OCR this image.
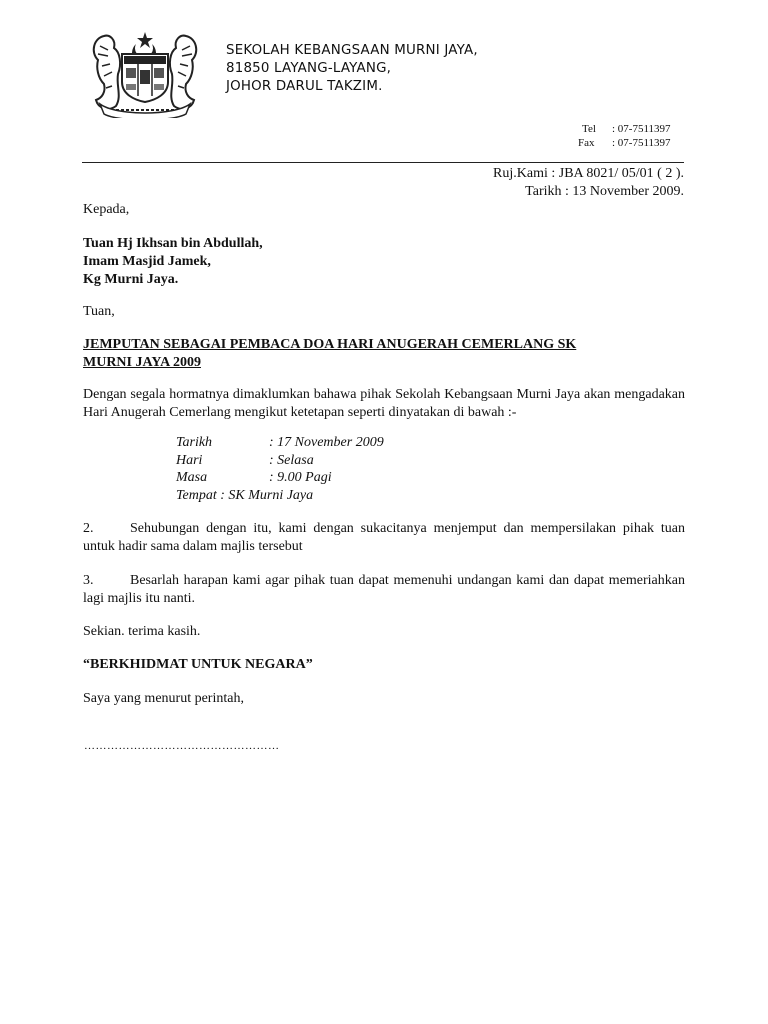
SEKOLAH KEBANGSAAN MURNI JAYA,
81850 LAYANG-LAYANG,
JOHOR DARUL TAKZIM.
Tel : 07-7511397
Fax : 07-7511397
Ruj.Kami : JBA 8021/ 05/01 ( 2 ).
Tarikh : 13 November 2009.
Kepada,
Tuan Hj Ikhsan bin Abdullah,
Imam Masjid Jamek,
Kg Murni Jaya.
Tuan,
JEMPUTAN SEBAGAI PEMBACA DOA HARI ANUGERAH CEMERLANG SK
MURNI JAYA 2009
Dengan segala hormatnya dimaklumkan bahawa pihak Sekolah Kebangsaan Murni Jaya akan mengadakan Hari Anugerah Cemerlang mengikut ketetapan seperti dinyatakan di bawah :-
Tarikh	: 17 November 2009
Hari	: Selasa
Masa	: 9.00 Pagi
Tempat : SK Murni Jaya
2.	Sehubungan dengan itu, kami dengan sukacitanya menjemput dan mempersilakan pihak tuan untuk hadir sama dalam majlis tersebut
3.	Besarlah harapan kami agar pihak tuan dapat memenuhi undangan kami dan dapat memeriahkan lagi majlis itu nanti.
Sekian. terima kasih.
“BERKHIDMAT UNTUK NEGARA”
Saya yang menurut perintah,
……………………………………………
